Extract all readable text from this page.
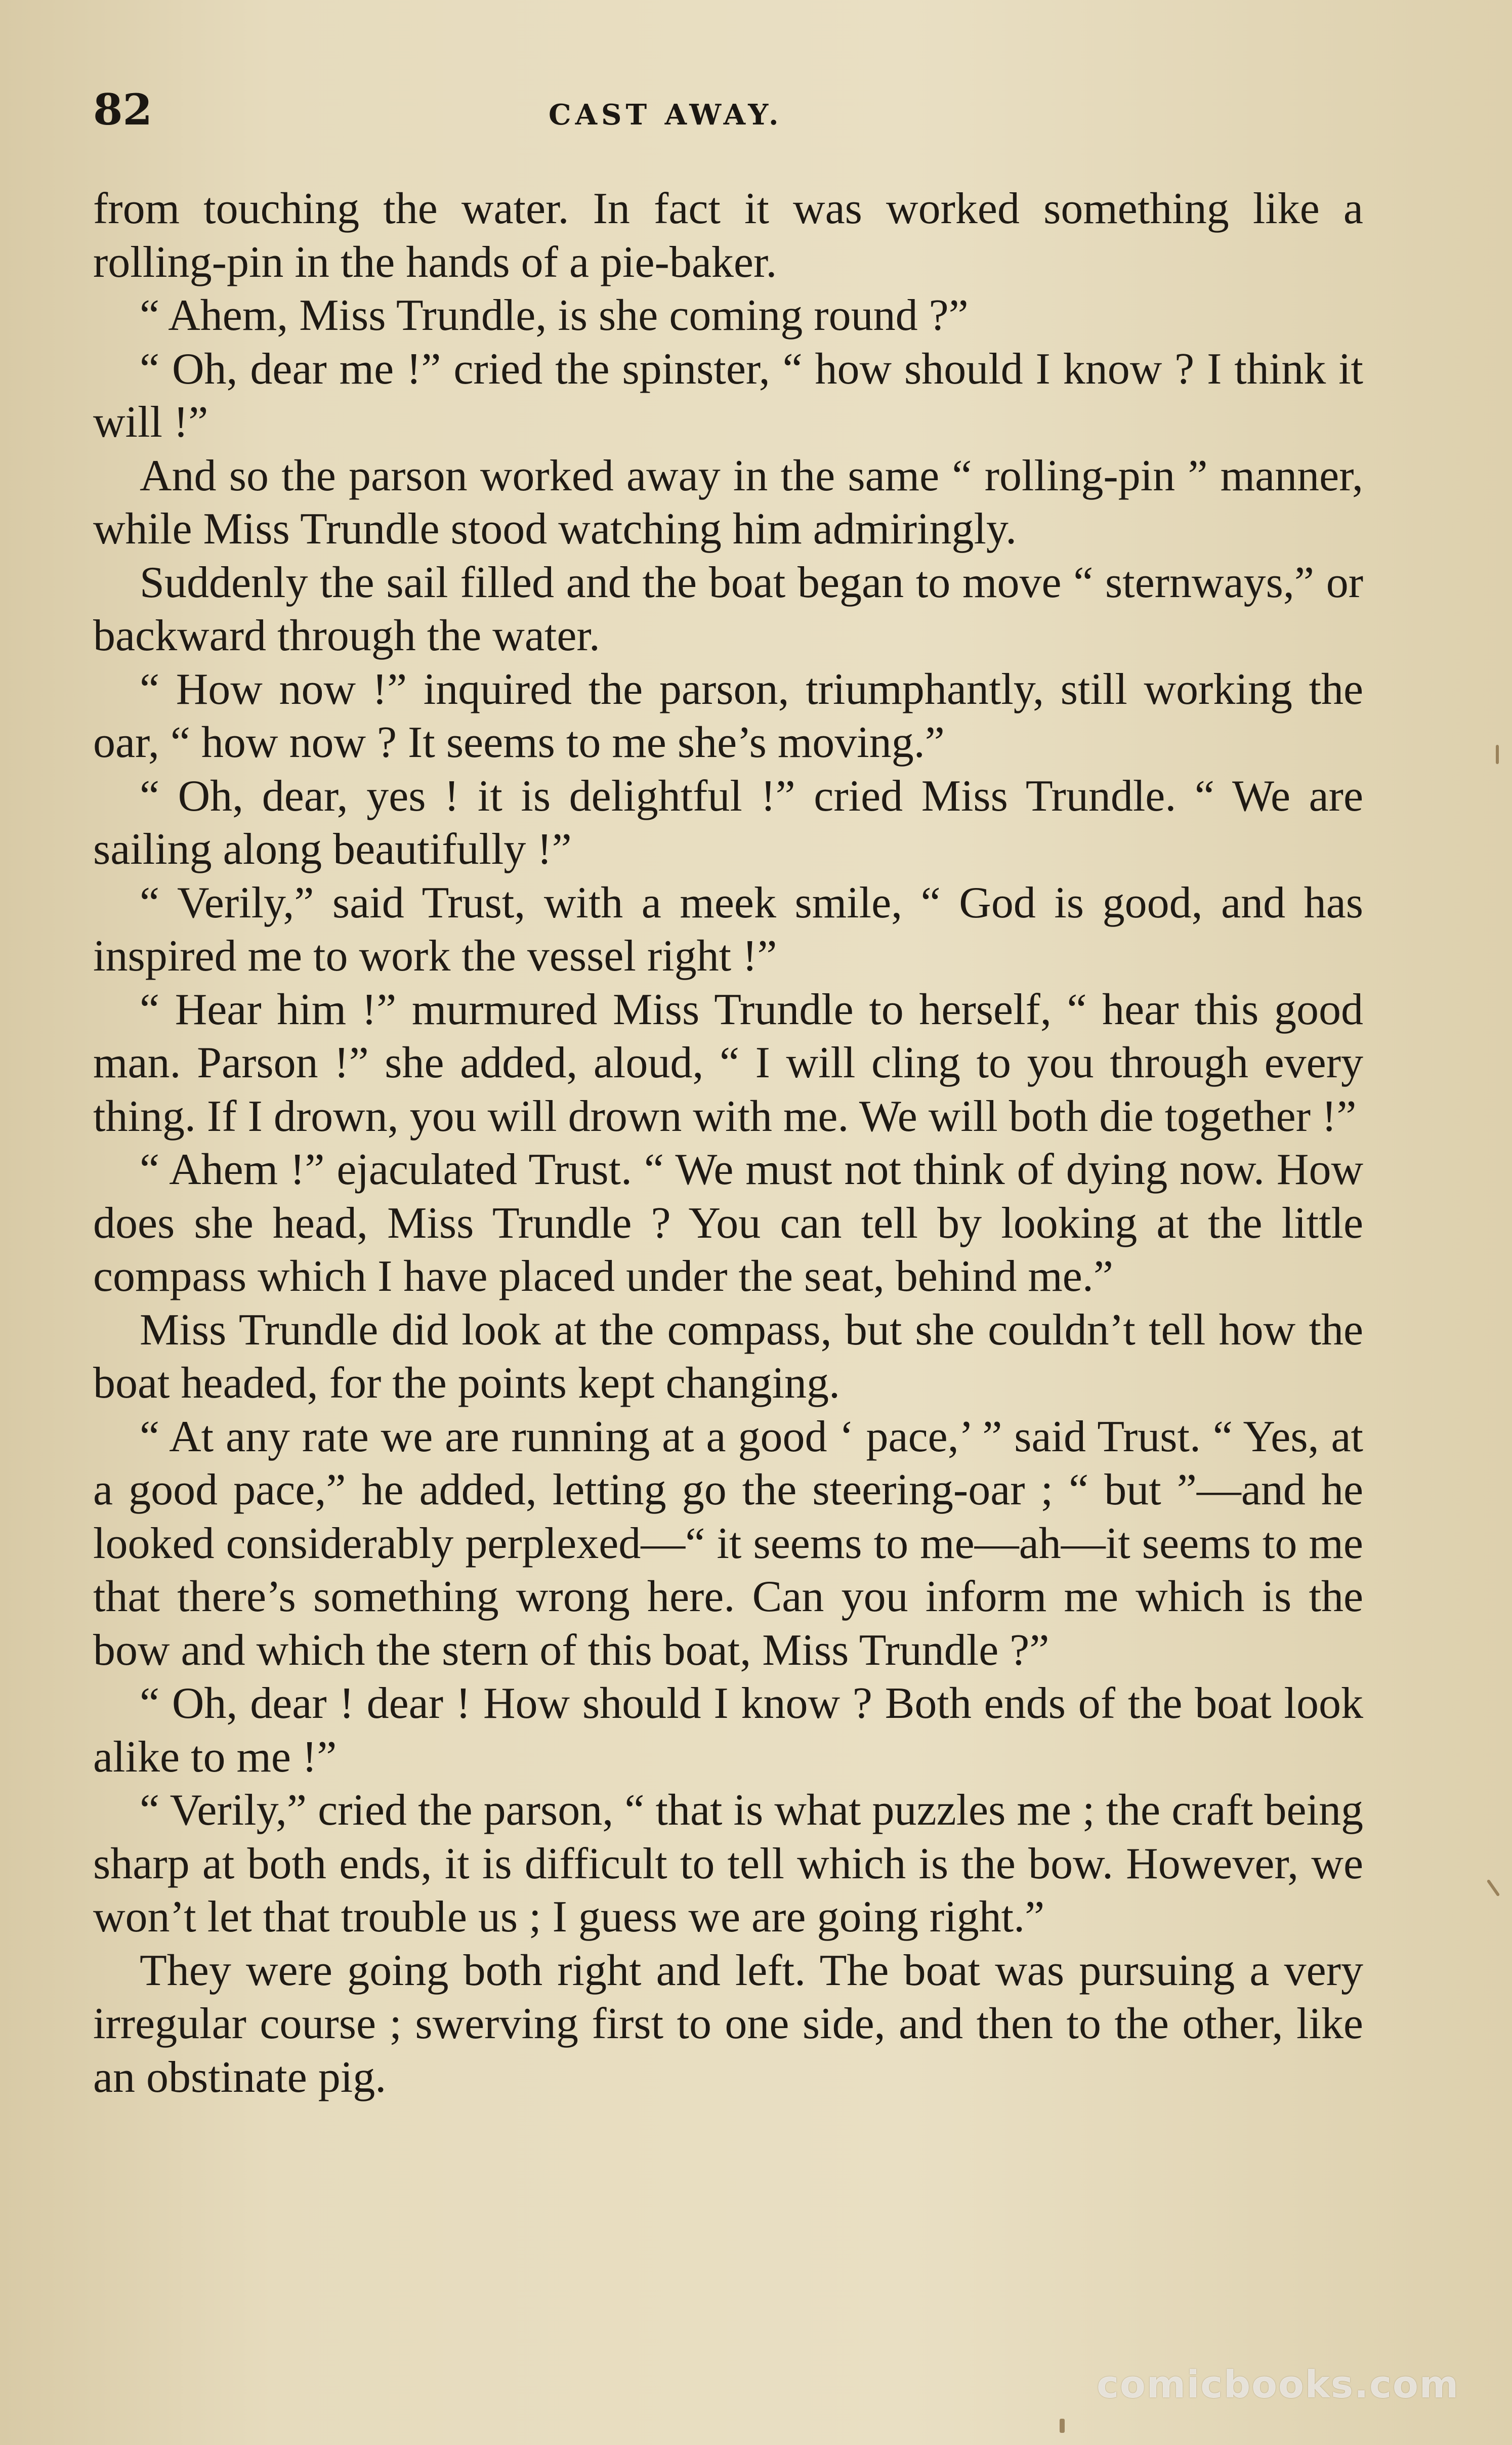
82	CAST AWAY.

from touching the water. In fact it was worked something like a rolling-pin in the hands of a pie-baker.

“ Ahem, Miss Trundle, is she coming round ?”

“ Oh, dear me !” cried the spinster, “ how should I know ? I think it will !”

And so the parson worked away in the same “ rolling-pin ” manner, while Miss Trundle stood watching him admiringly.

Suddenly the sail filled and the boat began to move “ sternways,” or backward through the water.

“ How now !” inquired the parson, triumphantly, still working the oar, “ how now ? It seems to me she’s moving.”

“ Oh, dear, yes ! it is delightful !” cried Miss Trundle. “ We are sailing along beautifully !”

“ Verily,” said Trust, with a meek smile, “ God is good, and has inspired me to work the vessel right !”

“ Hear him !” murmured Miss Trundle to herself, “ hear this good man. Parson !” she added, aloud, “ I will cling to you through every thing. If I drown, you will drown with me. We will both die together !”

“ Ahem !” ejaculated Trust. “ We must not think of dying now. How does she head, Miss Trundle ? You can tell by looking at the little compass which I have placed under the seat, behind me.”

Miss Trundle did look at the compass, but she couldn’t tell how the boat headed, for the points kept changing.

“ At any rate we are running at a good ‘ pace,’ ” said Trust. “ Yes, at a good pace,” he added, letting go the steering-oar ; “ but ”—and he looked considerably perplexed—“ it seems to me—ah—it seems to me that there’s something wrong here. Can you inform me which is the bow and which the stern of this boat, Miss Trundle ?”

“ Oh, dear ! dear ! How should I know ? Both ends of the boat look alike to me !”

“ Verily,” cried the parson, “ that is what puzzles me ; the craft being sharp at both ends, it is difficult to tell which is the bow. However, we won’t let that trouble us ; I guess we are going right.”

They were going both right and left. The boat was pursuing a very irregular course ; swerving first to one side, and then to the other, like an obstinate pig.

comicbooks.com
